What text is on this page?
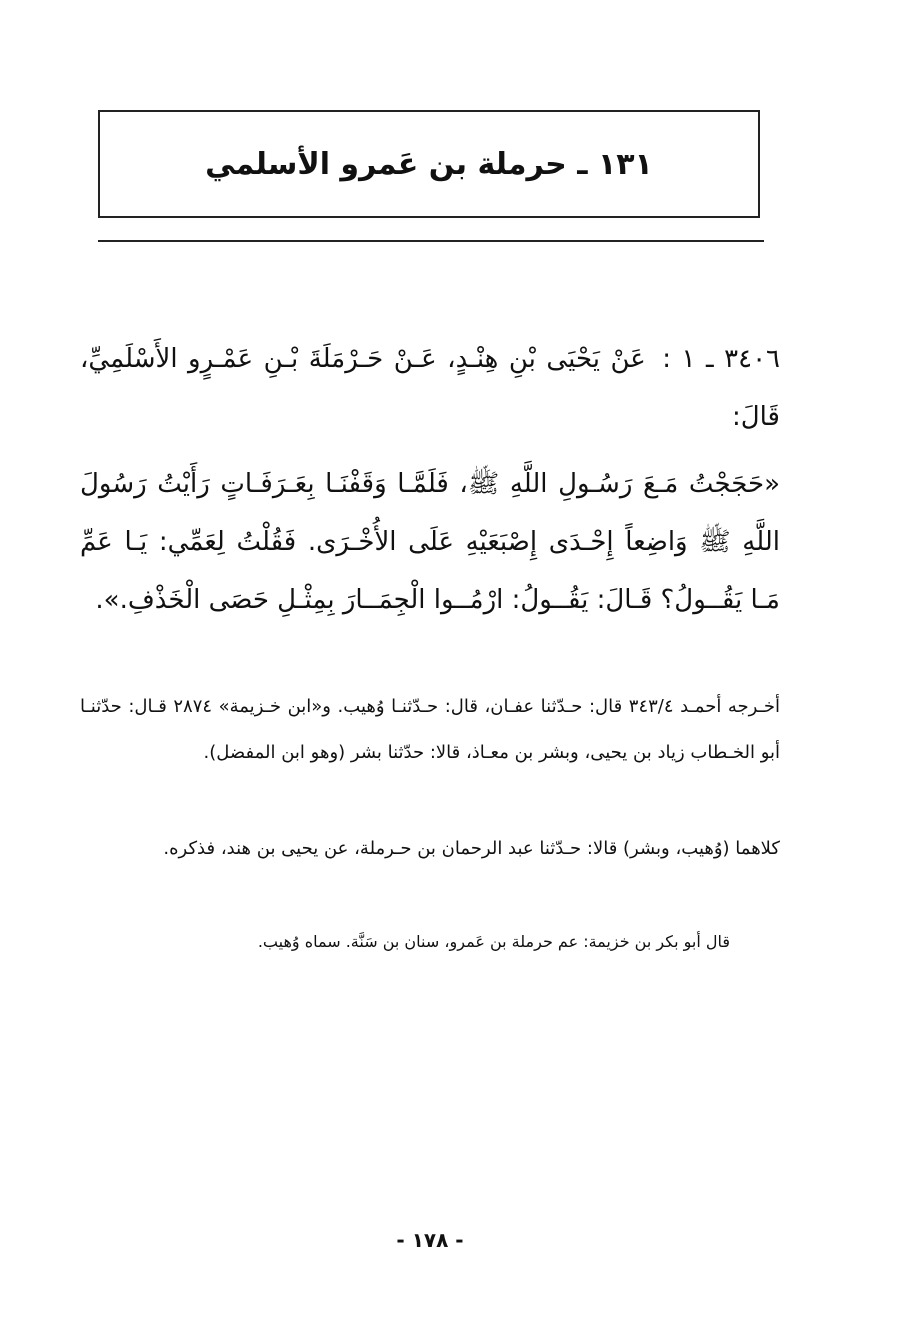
١٣١ ـ حرملة بن عَمرو الأسلمي
٣٤٠٦ ـ ١ : عَنْ يَحْيَى بْنِ هِنْـدٍ، عَـنْ حَـرْمَلَةَ بْـنِ عَمْـرٍو الأَسْلَمِيِّ، قَالَ:
«حَجَجْتُ مَـعَ رَسُـولِ اللَّهِ ﷺ، فَلَمَّـا وَقَفْنَـا بِعَـرَفَـاتٍ رَأَيْتُ رَسُولَ اللَّهِ ﷺ وَاضِعاً إِحْـدَى إِصْبَعَيْهِ عَلَى الأُخْـرَى. فَقُلْتُ لِعَمِّي: يَـا عَمِّ مَـا يَقُــولُ؟ قَـالَ: يَقُــولُ: ارْمُــوا الْجِمَــارَ بِمِثْـلِ حَصَى الْخَذْفِ.».
أخـرجه أحمـد ٣٤٣/٤ قال: حـدّثنا عفـان، قال: حـدّثنـا وُهيب. و«ابن خـزيمة» ٢٨٧٤ قـال: حدّثنـا أبو الخـطاب زياد بن يحيى، وبشر بن معـاذ، قالا: حدّثنا بشر (وهو ابن المفضل).
كلاهما (وُهيب، وبشر) قالا: حـدّثنا عبد الرحمان بن حـرملة، عن يحيى بن هند، فذكره.
قال أبو بكر بن خزيمة: عم حرملة بن عَمرو، سنان بن سَنَّة. سماه وُهيب.
- ١٧٨ -
